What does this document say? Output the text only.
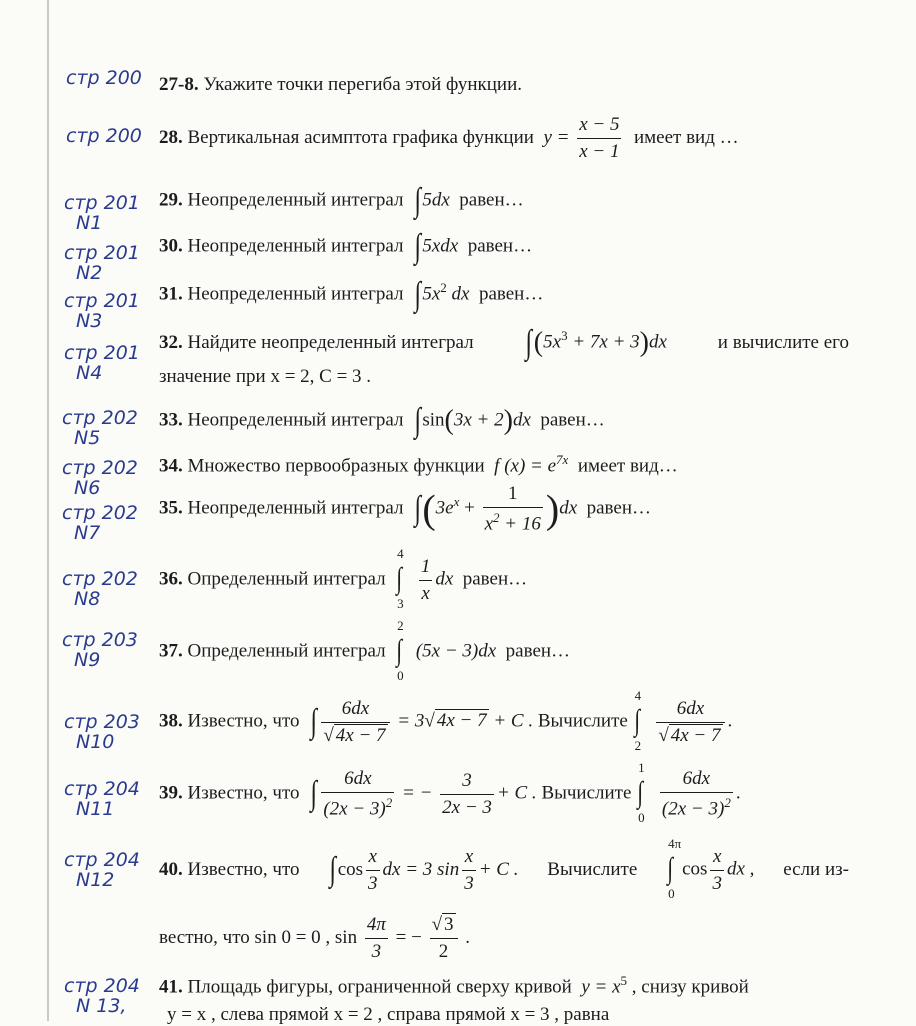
стр 200
стр 200
стр 201
N1
стр 201
N2
стр 201
N3
стр 201
N4
стр 202
N5
стр 202
N6
стр 202
N7
стр 202
N8
стр 203
N9
стр 203
N10
стр 204
N11
стр 204
N12
стр 204
N 13,
27-8. Укажите точки перегиба этой функции.
28. Вертикальная асимптота графика функции $y = \frac{x - 5}{x - 1}$ имеет вид …
29. Неопределенный интеграл ∫5dx равен…
30. Неопределенный интеграл ∫5xdx равен…
31. Неопределенный интеграл $\int 5x^2$ dx равен…
32. Найдите неопределенный интеграл $\int(5x^3 + 7x + 3)dx$	и вычислите его
значение при x = 2, C = 3 .
33. Неопределенный интеграл ∫sin(3x + 2)dx равен…
34. Множество первообразных функции f $(x) = e^{7x}$ имеет вид…
35. Неопределенный интеграл $\int(3e^x + \frac{1}{x^2 + 16} )dx$ равен…
36. Определенный интеграл
4
∫
3
$\frac{1}{x}$ dx равен…
37. Определенный интеграл
2
∫
0
(5x − 3)dx равен…
38. Известно, что ∫ $\frac{6dx}{√ 4x - 7} = 3√$ 4x − 7 + C . Вычислите
4
∫
2
$\frac{6dx}{√ 4x - 7}$ .
39. Известно, что ∫ $\frac{6dx}{(2x - 3)^2}$ = − $\frac{3}{2x - 3} + C$ . Вычислите
1
∫
0
$\frac{6dx}{(2x - 3)^2}$ .
40. Известно, что $\int\cos \frac{x}{3}$ dx = 3 $\sin \frac{x}{3} + C$ . Вычислите
4π
∫
0
$\cos \frac{x}{3}$ dx , если из-
вестно, что sin 0 = 0 , $\sin \frac{4\pi}{3}$ = − $\frac{√ 3}{2}$ .
41. Площадь фигуры, ограниченной сверху кривой $y = x^5$ , снизу кривой
y = x , слева прямой x = 2 , справа прямой x = 3 , равна
